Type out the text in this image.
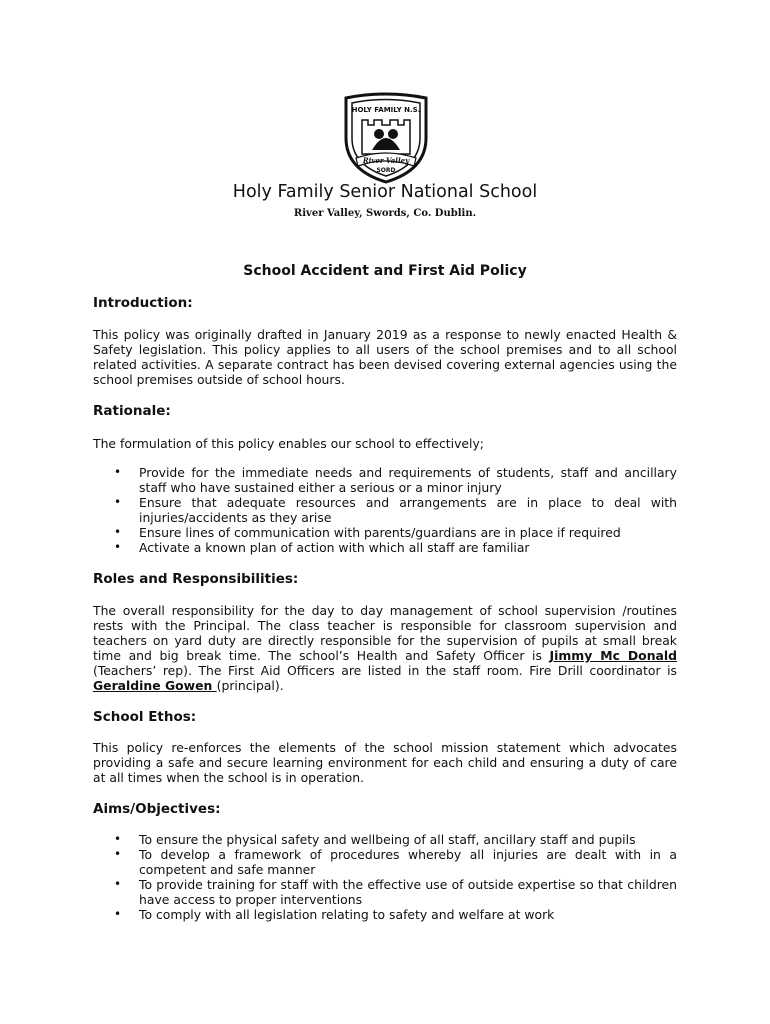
SORD
HOLY FAMILY N.S.
River Valley
Holy Family Senior National School
River Valley, Swords, Co. Dublin.
School Accident and First Aid Policy
Introduction:

This policy was originally drafted in January 2019 as a response to newly enacted Health & Safety legislation. This policy applies to all users of the school premises and to all school related activities. A separate contract has been devised covering external agencies using the school premises outside of school hours.

Rationale:

The formulation of this policy enables our school to effectively;

• Provide for the immediate needs and requirements of students, staff and ancillary staff who have sustained either a serious or a minor injury
• Ensure that adequate resources and arrangements are in place to deal with injuries/accidents as they arise
• Ensure lines of communication with parents/guardians are in place if required
• Activate a known plan of action with which all staff are familiar
Roles and Responsibilities:

The overall responsibility for the day to day management of school supervision /routines rests with the Principal. The class teacher is responsible for classroom supervision and teachers on yard duty are directly responsible for the supervision of pupils at small break time and big break time. The school’s Health and Safety Officer is Jimmy Mc Donald (Teachers’ rep). The First Aid Officers are listed in the staff room. Fire Drill coordinator is Geraldine Gowen (principal).

School Ethos:

This policy re-enforces the elements of the school mission statement which advocates providing a safe and secure learning environment for each child and ensuring a duty of care at all times when the school is in operation.

Aims/Objectives:
• To ensure the physical safety and wellbeing of all staff, ancillary staff and pupils
• To develop a framework of procedures whereby all injuries are dealt with in a competent and safe manner
• To provide training for staff with the effective use of outside expertise so that children have access to proper interventions
• To comply with all legislation relating to safety and welfare at work
